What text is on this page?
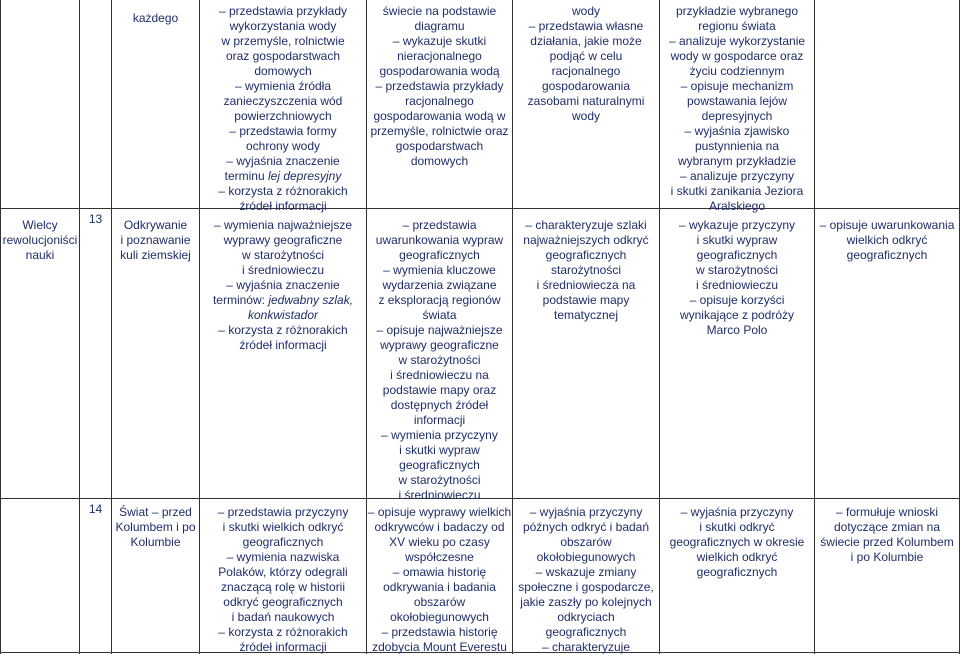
Wielcy
rewolucjoniści
nauki
13
14
każdego
Odkrywanie
i poznawanie
kuli ziemskiej
Świat – przed
Kolumbem i po
Kolumbie
– przedstawia przykłady
wykorzystania wody
w przemyśle, rolnictwie
oraz gospodarstwach
domowych
– wymienia źródła
zanieczyszczenia wód
powierzchniowych
– przedstawia formy
ochrony wody
– wyjaśnia znaczenie
terminu lej depresyjny
– korzysta z różnorakich
źródeł informacji
świecie na podstawie
diagramu
– wykazuje skutki
nieracjonalnego
gospodarowania wodą
– przedstawia przykłady
racjonalnego
gospodarowania wodą w
przemyśle, rolnictwie oraz
gospodarstwach
domowych
wody
– przedstawia własne
działania, jakie może
podjąć w celu
racjonalnego
gospodarowania
zasobami naturalnymi
wody
przykładzie wybranego
regionu świata
– analizuje wykorzystanie
wody w gospodarce oraz
życiu codziennym
– opisuje mechanizm
powstawania lejów
depresyjnych
– wyjaśnia zjawisko
pustynnienia na
wybranym przykładzie
– analizuje przyczyny
i skutki zanikania Jeziora
Aralskiego
– wymienia najważniejsze
wyprawy geograficzne
w starożytności
i średniowieczu
– wyjaśnia znaczenie
terminów: jedwabny szlak,
konkwistador
– korzysta z różnorakich
źródeł informacji
– przedstawia
uwarunkowania wypraw
geograficznych
– wymienia kluczowe
wydarzenia związane
z eksploracją regionów
świata
– opisuje najważniejsze
wyprawy geograficzne
w starożytności
i średniowieczu na
podstawie mapy oraz
dostępnych źródeł
informacji
– wymienia przyczyny
i skutki wypraw
geograficznych
w starożytności
i średniowieczu
– charakteryzuje szlaki
najważniejszych odkryć
geograficznych
starożytności
i średniowiecza na
podstawie mapy
tematycznej
– wykazuje przyczyny
i skutki wypraw
geograficznych
w starożytności
i średniowieczu
– opisuje korzyści
wynikające z podróży
Marco Polo
– opisuje uwarunkowania
wielkich odkryć
geograficznych
– przedstawia przyczyny
i skutki wielkich odkryć
geograficznych
– wymienia nazwiska
Polaków, którzy odegrali
znaczącą rolę w historii
odkryć geograficznych
i badań naukowych
– korzysta z różnorakich
źródeł informacji
– opisuje wyprawy wielkich
odkrywców i badaczy od
XV wieku po czasy
współczesne
– omawia historię
odkrywania i badania
obszarów
okołobiegunowych
– przedstawia historię
zdobycia Mount Everestu
– wyjaśnia przyczyny
późnych odkryć i badań
obszarów
okołobiegunowych
– wskazuje zmiany
społeczne i gospodarcze,
jakie zaszły po kolejnych
odkryciach
geograficznych
– charakteryzuje
– wyjaśnia przyczyny
i skutki odkryć
geograficznych w okresie
wielkich odkryć
geograficznych
– formułuje wnioski
dotyczące zmian na
świecie przed Kolumbem
i po Kolumbie
